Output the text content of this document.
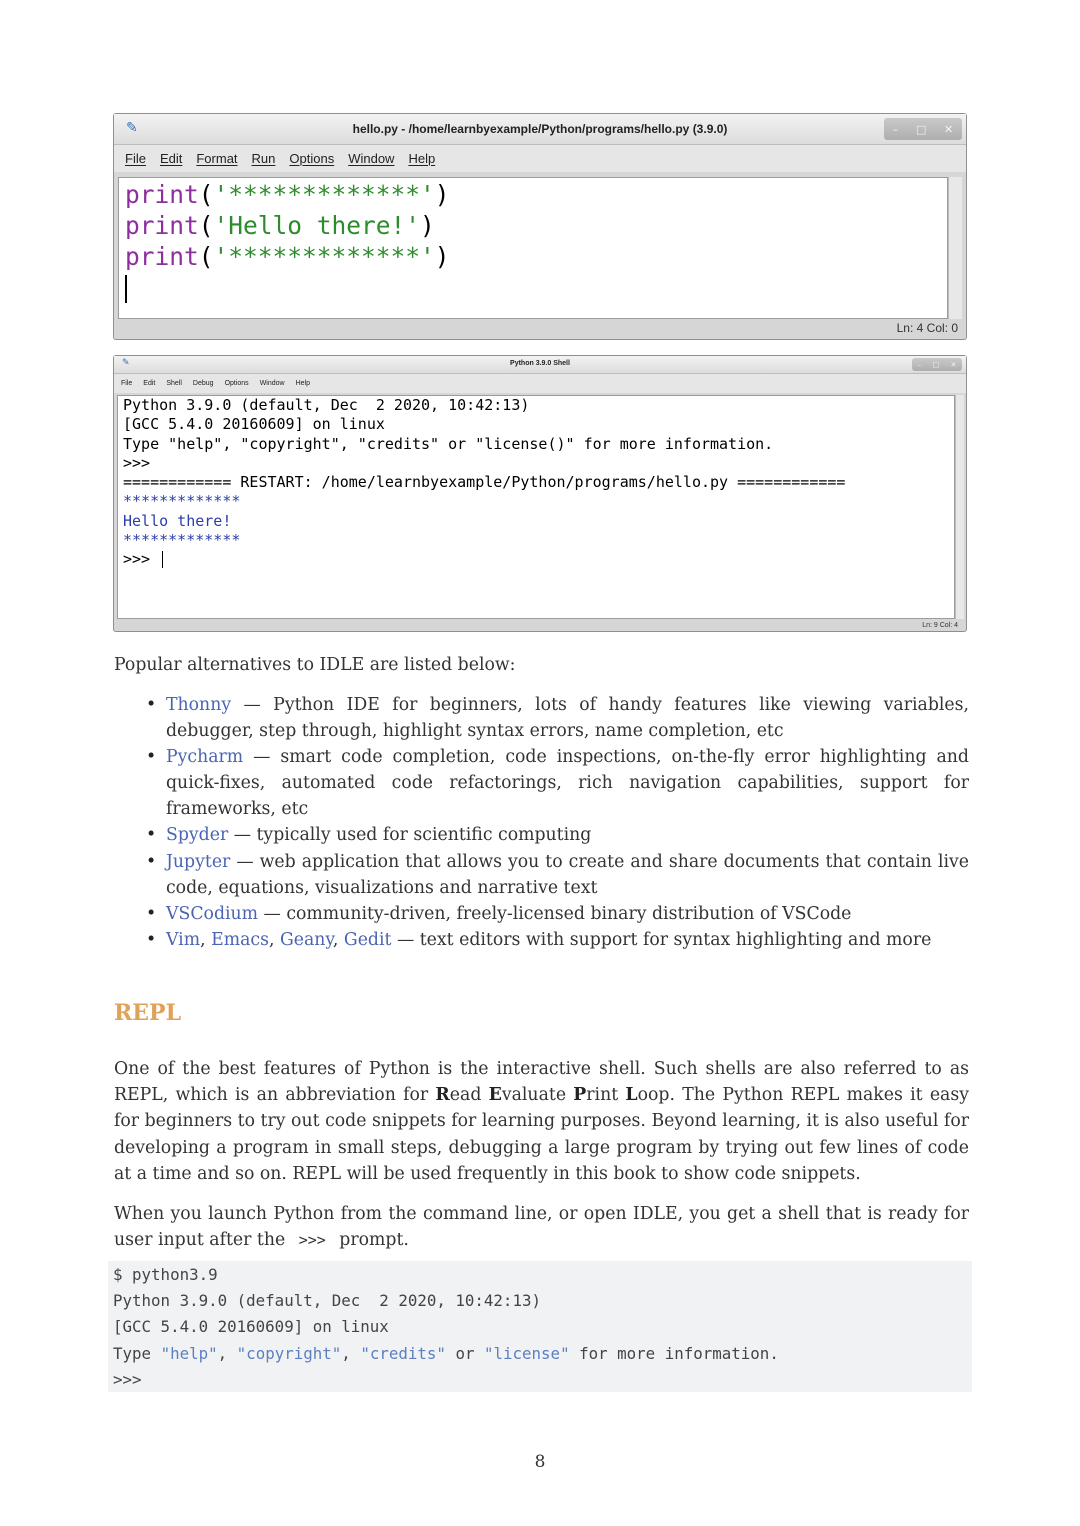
✎	hello.py - /home/learnbyexample/Python/programs/hello.py (3.9.0)	– □ ✕
File Edit Format Run Options Window Help
print('*************')
print('Hello there!')
print('*************')
Ln: 4 Col: 0
✎	Python 3.9.0 Shell	– □ ✕
File Edit Shell Debug Options Window Help
Python 3.9.0 (default, Dec  2 2020, 10:42:13)
[GCC 5.4.0 20160609] on linux
Type "help", "copyright", "credits" or "license()" for more information.
>>>
============ RESTART: /home/learnbyexample/Python/programs/hello.py ============
*************
Hello there!
*************
>>>
Ln: 9 Col: 4
Popular alternatives to IDLE are listed below:
• Thonny — Python IDE for beginners, lots of handy features like viewing variables, debugger, step through, highlight syntax errors, name completion, etc
• Pycharm — smart code completion, code inspections, on-the-fly error highlighting and quick-fixes, automated code refactorings, rich navigation capabilities, support for frameworks, etc
• Spyder — typically used for scientific computing
• Jupyter — web application that allows you to create and share documents that contain live code, equations, visualizations and narrative text
• VSCodium — community-driven, freely-licensed binary distribution of VSCode
• Vim, Emacs, Geany, Gedit — text editors with support for syntax highlighting and more
REPL
One of the best features of Python is the interactive shell. Such shells are also referred to as REPL, which is an abbreviation for Read Evaluate Print Loop. The Python REPL makes it easy for beginners to try out code snippets for learning purposes. Beyond learning, it is also useful for developing a program in small steps, debugging a large program by trying out few lines of code at a time and so on. REPL will be used frequently in this book to show code snippets.
When you launch Python from the command line, or open IDLE, you get a shell that is ready for user input after the >>> prompt.
$ python3.9
Python 3.9.0 (default, Dec  2 2020, 10:42:13)
[GCC 5.4.0 20160609] on linux
Type "help", "copyright", "credits" or "license" for more information.
>>>
8
